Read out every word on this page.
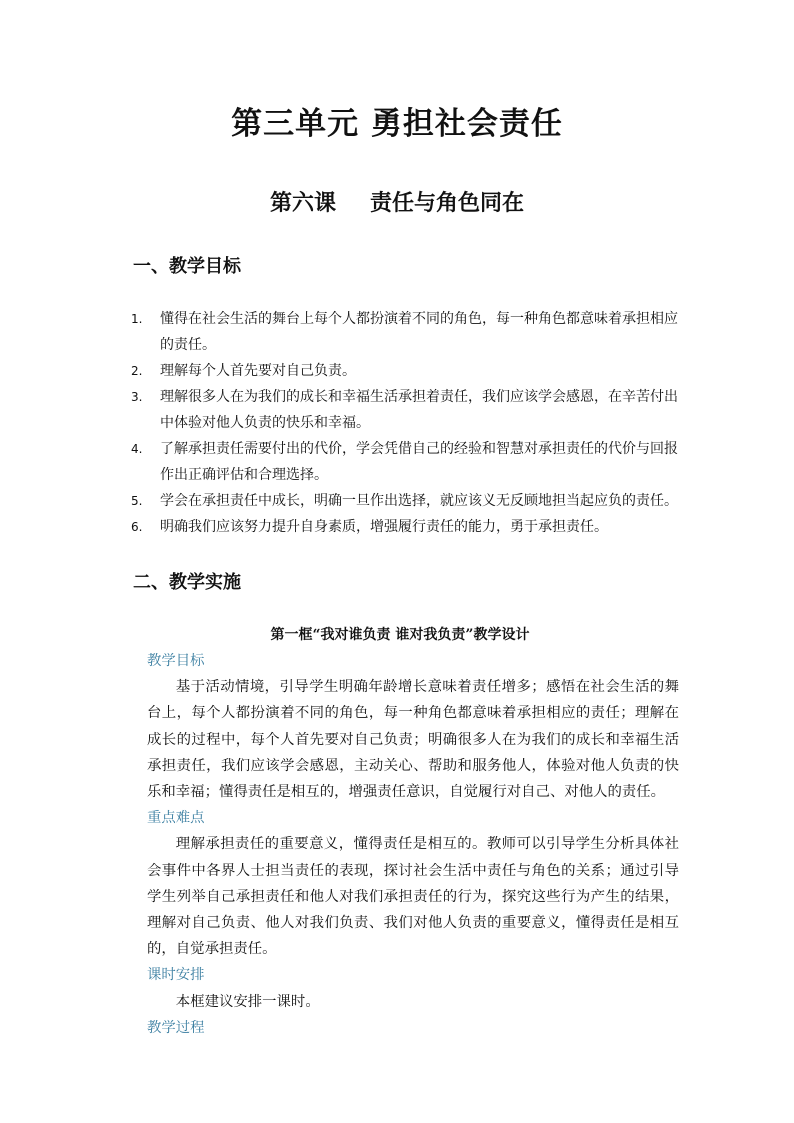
第三单元 勇担社会责任
第六课 责任与角色同在
一、教学目标
1. 懂得在社会生活的舞台上每个人都扮演着不同的角色，每一种角色都意味着承担相应的责任。
2. 理解每个人首先要对自己负责。
3. 理解很多人在为我们的成长和幸福生活承担着责任，我们应该学会感恩，在辛苦付出中体验对他人负责的快乐和幸福。
4. 了解承担责任需要付出的代价，学会凭借自己的经验和智慧对承担责任的代价与回报作出正确评估和合理选择。
5. 学会在承担责任中成长，明确一旦作出选择，就应该义无反顾地担当起应负的责任。
6. 明确我们应该努力提升自身素质，增强履行责任的能力，勇于承担责任。
二、教学实施
第一框“我对谁负责 谁对我负责”教学设计
教学目标

基于活动情境，引导学生明确年龄增长意味着责任增多；感悟在社会生活的舞台上，每个人都扮演着不同的角色，每一种角色都意味着承担相应的责任；理解在成长的过程中，每个人首先要对自己负责；明确很多人在为我们的成长和幸福生活承担责任，我们应该学会感恩，主动关心、帮助和服务他人，体验对他人负责的快乐和幸福；懂得责任是相互的，增强责任意识，自觉履行对自己、对他人的责任。

重点难点

理解承担责任的重要意义，懂得责任是相互的。教师可以引导学生分析具体社会事件中各界人士担当责任的表现，探讨社会生活中责任与角色的关系；通过引导学生列举自己承担责任和他人对我们承担责任的行为，探究这些行为产生的结果，理解对自己负责、他人对我们负责、我们对他人负责的重要意义，懂得责任是相互的，自觉承担责任。

课时安排

本框建议安排一课时。

教学过程
